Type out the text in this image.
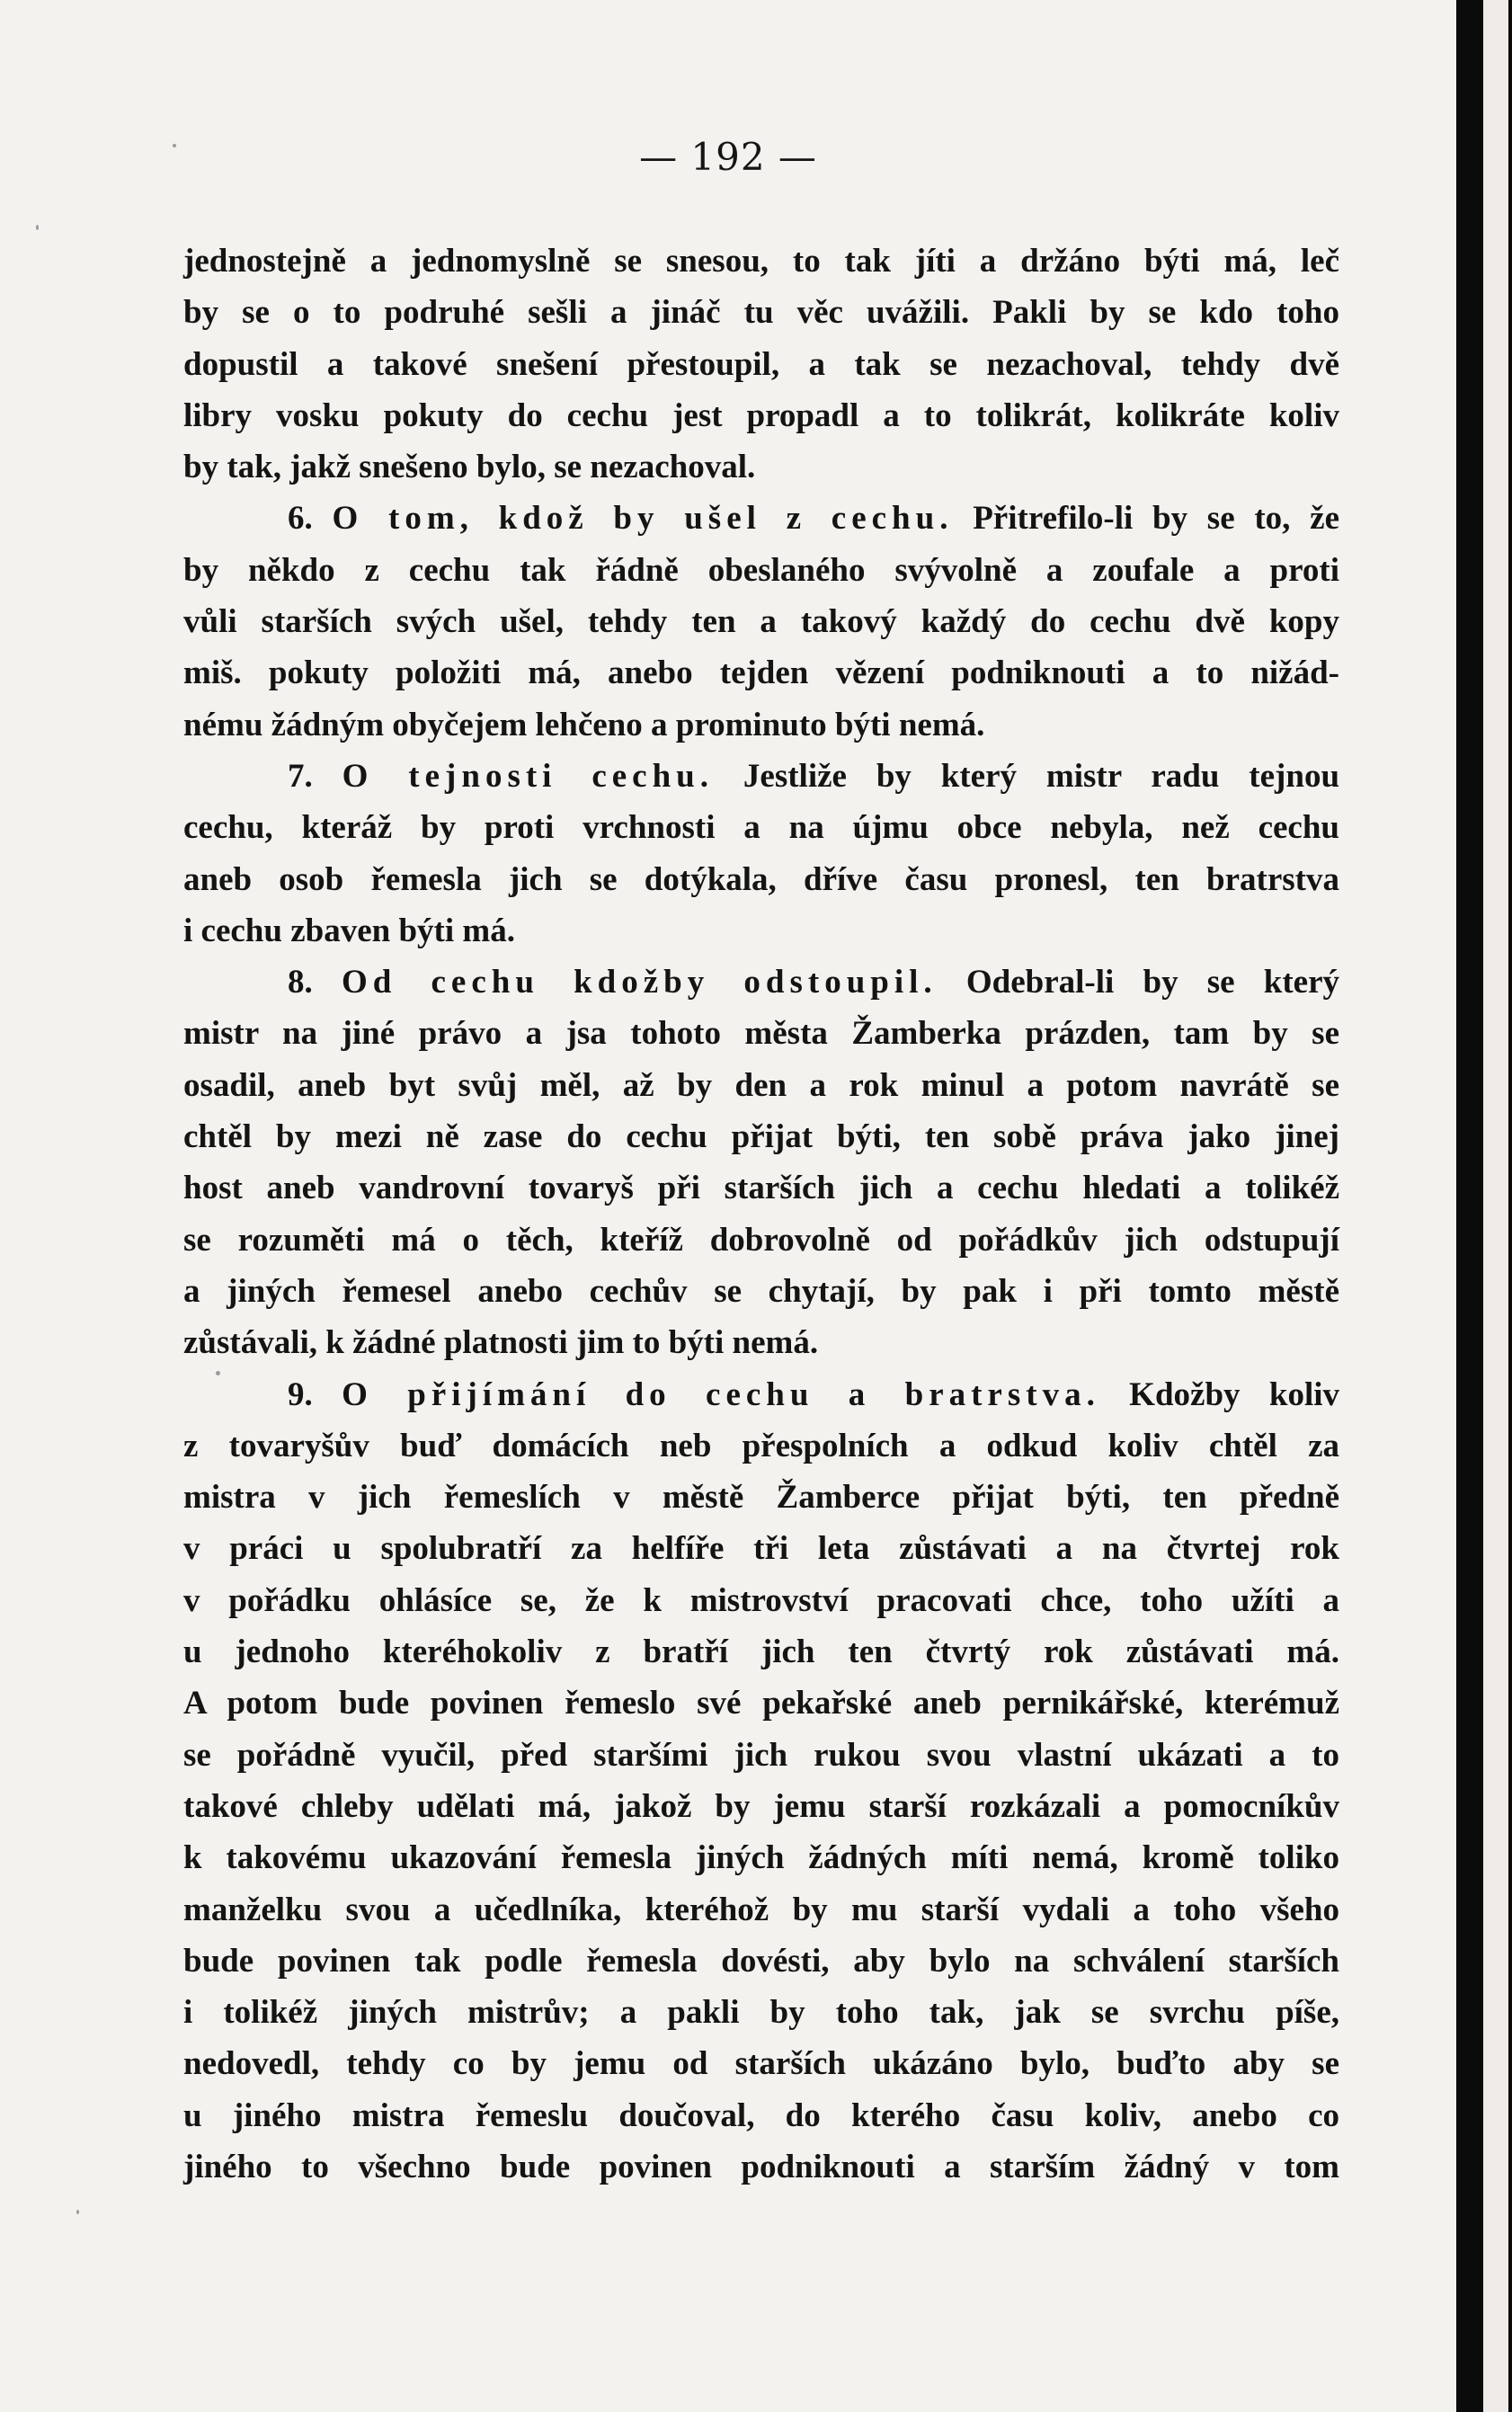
— 192 —
jednostejně a jednomyslně se snesou, to tak jíti a držáno býti má, leč
by se o to podruhé sešli a jináč tu věc uvážili. Pakli by se kdo toho
dopustil a takové snešení přestoupil, a tak se nezachoval, tehdy dvě
libry vosku pokuty do cechu jest propadl a to tolikrát, kolikráte koliv
by tak, jakž snešeno bylo, se nezachoval.
6. O tom, kdož by ušel z cechu. Přitrefilo-li by se to, že
by někdo z cechu tak řádně obeslaného svývolně a zoufale a proti
vůli starších svých ušel, tehdy ten a takový každý do cechu dvě kopy
miš. pokuty položiti má, anebo tejden vězení podniknouti a to nižád-
nému žádným obyčejem lehčeno a prominuto býti nemá.
7. O tejnosti cechu. Jestliže by který mistr radu tejnou
cechu, kteráž by proti vrchnosti a na újmu obce nebyla, než cechu
aneb osob řemesla jich se dotýkala, dříve času pronesl, ten bratrstva
i cechu zbaven býti má.
8. Od cechu kdožby odstoupil. Odebral-li by se který
mistr na jiné právo a jsa tohoto města Žamberka prázden, tam by se
osadil, aneb byt svůj měl, až by den a rok minul a potom navrátě se
chtěl by mezi ně zase do cechu přijat býti, ten sobě práva jako jinej
host aneb vandrovní tovaryš při starších jich a cechu hledati a tolikéž
se rozuměti má o těch, kteříž dobrovolně od pořádkův jich odstupují
a jiných řemesel anebo cechův se chytají, by pak i při tomto městě
zůstávali, k žádné platnosti jim to býti nemá.
9. O přijímání do cechu a bratrstva. Kdožby koliv
z tovaryšův buď domácích neb přespolních a odkud koliv chtěl za
mistra v jich řemeslích v městě Žamberce přijat býti, ten předně
v práci u spolubratří za helfíře tři leta zůstávati a na čtvrtej rok
v pořádku ohlásíce se, že k mistrovství pracovati chce, toho užíti a
u jednoho kteréhokoliv z bratří jich ten čtvrtý rok zůstávati má.
A potom bude povinen řemeslo své pekařské aneb pernikářské, kterémuž
se pořádně vyučil, před staršími jich rukou svou vlastní ukázati a to
takové chleby udělati má, jakož by jemu starší rozkázali a pomocníkův
k takovému ukazování řemesla jiných žádných míti nemá, kromě toliko
manželku svou a učedlníka, kteréhož by mu starší vydali a toho všeho
bude povinen tak podle řemesla dovésti, aby bylo na schválení starších
i tolikéž jiných mistrův; a pakli by toho tak, jak se svrchu píše,
nedovedl, tehdy co by jemu od starších ukázáno bylo, buďto aby se
u jiného mistra řemeslu doučoval, do kterého času koliv, anebo co
jiného to všechno bude povinen podniknouti a starším žádný v tom
